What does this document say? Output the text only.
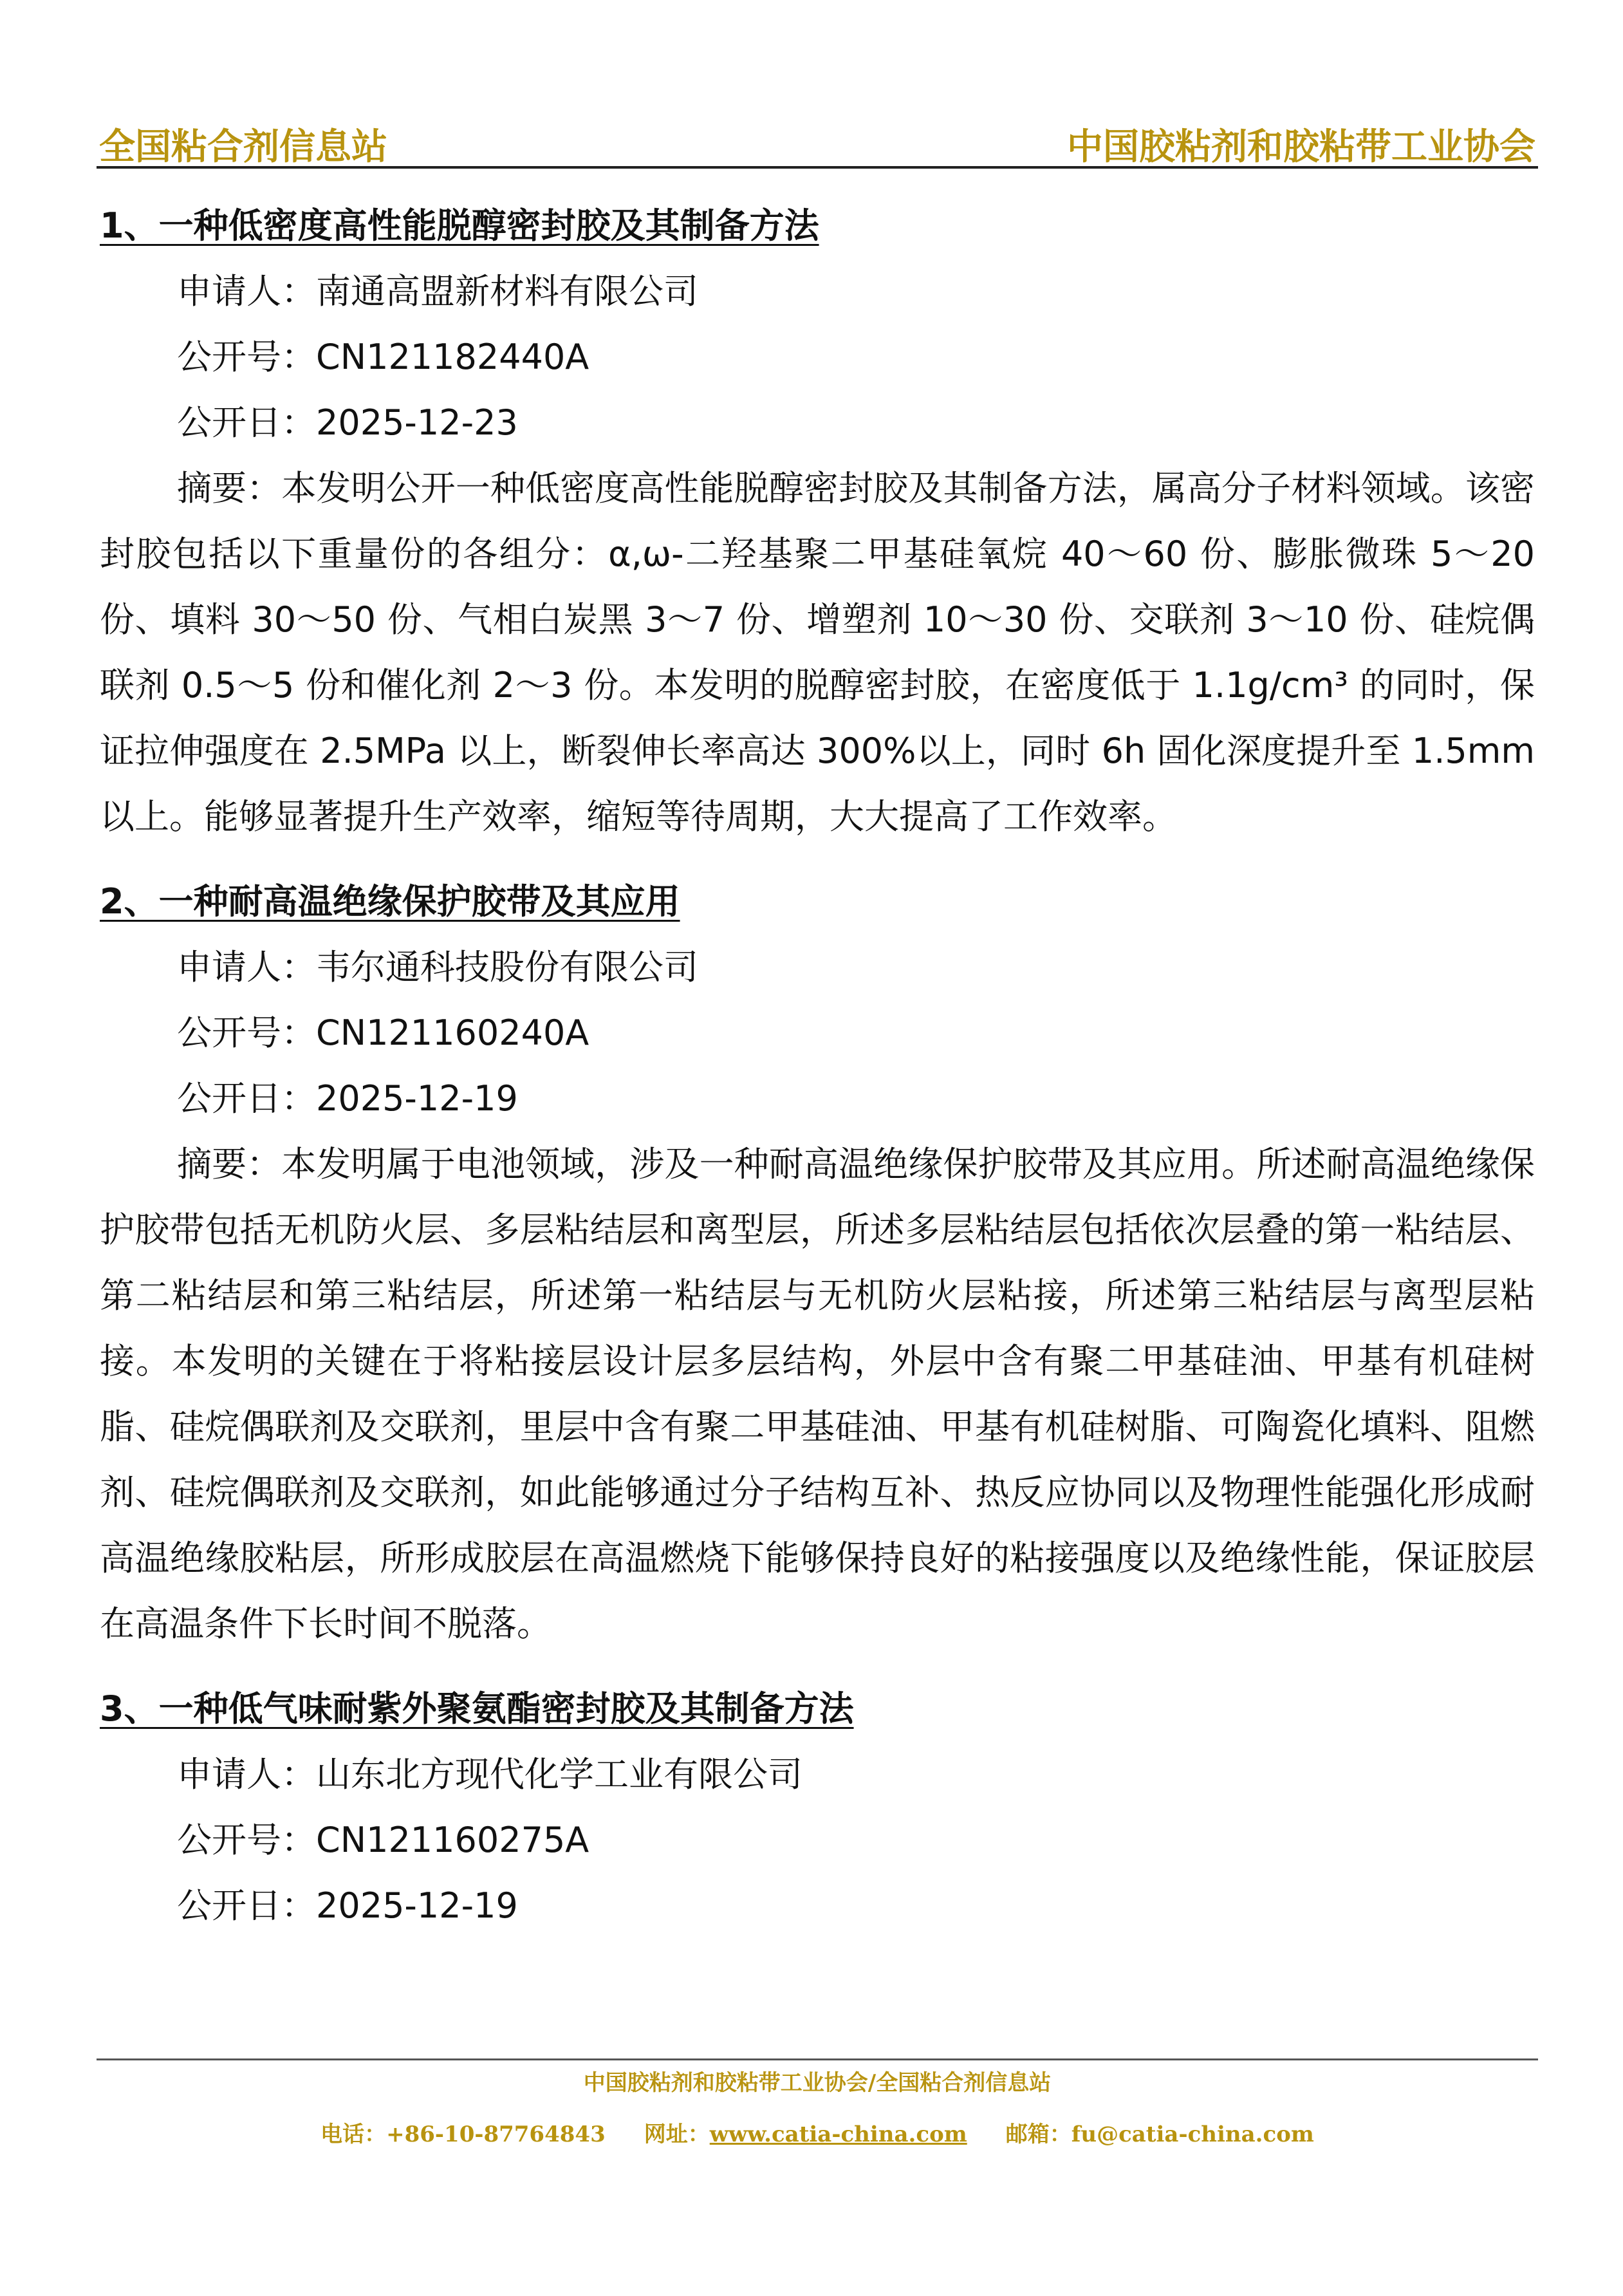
全国粘合剂信息站	中国胶粘剂和胶粘带工业协会
1、一种低密度高性能脱醇密封胶及其制备方法
申请人：南通高盟新材料有限公司
公开号：CN121182440A
公开日：2025-12-23

摘要：本发明公开一种低密度高性能脱醇密封胶及其制备方法，属高分子材料领域。该密封胶包括以下重量份的各组分：α,ω-二羟基聚二甲基硅氧烷 40～60 份、膨胀微珠 5～20 份、填料 30～50 份、气相白炭黑 3～7 份、增塑剂 10～30 份、交联剂 3～10 份、硅烷偶联剂 0.5～5 份和催化剂 2～3 份。本发明的脱醇密封胶，在密度低于 1.1g/cm³ 的同时，保证拉伸强度在 2.5MPa 以上，断裂伸长率高达 300%以上，同时 6h 固化深度提升至 1.5mm 以上。能够显著提升生产效率，缩短等待周期，大大提高了工作效率。

2、一种耐高温绝缘保护胶带及其应用
申请人：韦尔通科技股份有限公司
公开号：CN121160240A
公开日：2025-12-19

摘要：本发明属于电池领域，涉及一种耐高温绝缘保护胶带及其应用。所述耐高温绝缘保护胶带包括无机防火层、多层粘结层和离型层，所述多层粘结层包括依次层叠的第一粘结层、第二粘结层和第三粘结层，所述第一粘结层与无机防火层粘接，所述第三粘结层与离型层粘接。本发明的关键在于将粘接层设计层多层结构，外层中含有聚二甲基硅油、甲基有机硅树脂、硅烷偶联剂及交联剂，里层中含有聚二甲基硅油、甲基有机硅树脂、可陶瓷化填料、阻燃剂、硅烷偶联剂及交联剂，如此能够通过分子结构互补、热反应协同以及物理性能强化形成耐高温绝缘胶粘层，所形成胶层在高温燃烧下能够保持良好的粘接强度以及绝缘性能，保证胶层在高温条件下长时间不脱落。

3、一种低气味耐紫外聚氨酯密封胶及其制备方法
申请人：山东北方现代化学工业有限公司
公开号：CN121160275A
公开日：2025-12-19
中国胶粘剂和胶粘带工业协会/全国粘合剂信息站
电话：+86-10-87764843 网址：www.catia-china.com 邮箱：fu@catia-china.com
